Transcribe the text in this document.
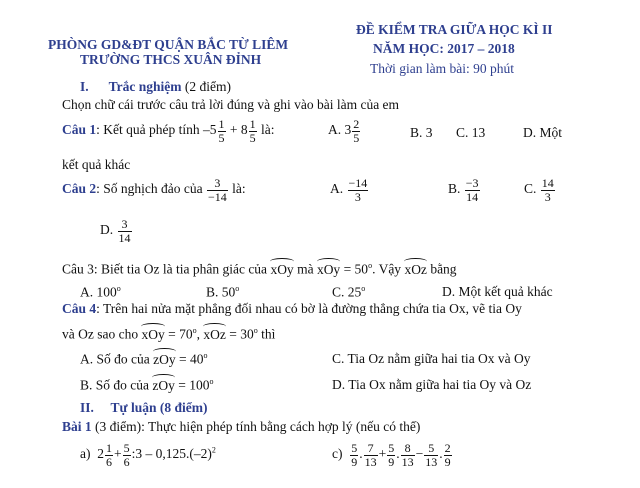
PHÒNG GD&ĐT QUẬN BẮC TỪ LIÊM
TRƯỜNG THCS XUÂN ĐỈNH
ĐỀ KIỂM TRA GIỮA HỌC KÌ II
NĂM HỌC: 2017 – 2018
Thời gian làm bài: 90 phút
I. Trắc nghiệm (2 điểm)
Chọn chữ cái trước câu trả lời đúng và ghi vào bài làm của em
Câu 1: Kết quả phép tính $-5 \frac{1}{5} + 8 \frac{1}{5}$ là:	A. $3 \frac{2}{5}$	B. 3 C. 13	D. Một
kết quả khác
Câu 2: Số nghịch đảo của $\frac{3}{-14}$ là:	A. $\frac{-14}{3}$	B. $\frac{-3}{14}$	C. $\frac{14}{3}$
D. $\frac{3}{14}$
Câu 3: Biết tia Oz là tia phân giác của xOy mà xOy = $50^o$. Vậy xOz bằng
A. 100$^o$	B. 50$^o$	C. 25$^o$	D. Một kết quả khác
Câu 4: Trên hai nửa mặt phẳng đối nhau có bờ là đường thẳng chứa tia Ox, vẽ tia Oy
và Oz sao cho xOy = $70^o$, xOz = $30^o$ thì
A. Số đo của zOy = $40^o$	C. Tia Oz nằm giữa hai tia Ox và Oy
B. Số đo của zOy = $100^o$	D. Tia Ox nằm giữa hai tia Oy và Oz
II. Tự luận (8 điểm)
Bài 1 (3 điểm): Thực hiện phép tính bằng cách hợp lý (nếu có thể)
a) $2 \frac{1}{6} + \frac{5}{6}$ :3 – $0,125.(-2)^2$	$c) \frac{5}{9}$ . $\frac{7}{13} + \frac{5}{9}$ . $\frac{8}{13} - \frac{5}{13}$ . $\frac{2}{9}$
